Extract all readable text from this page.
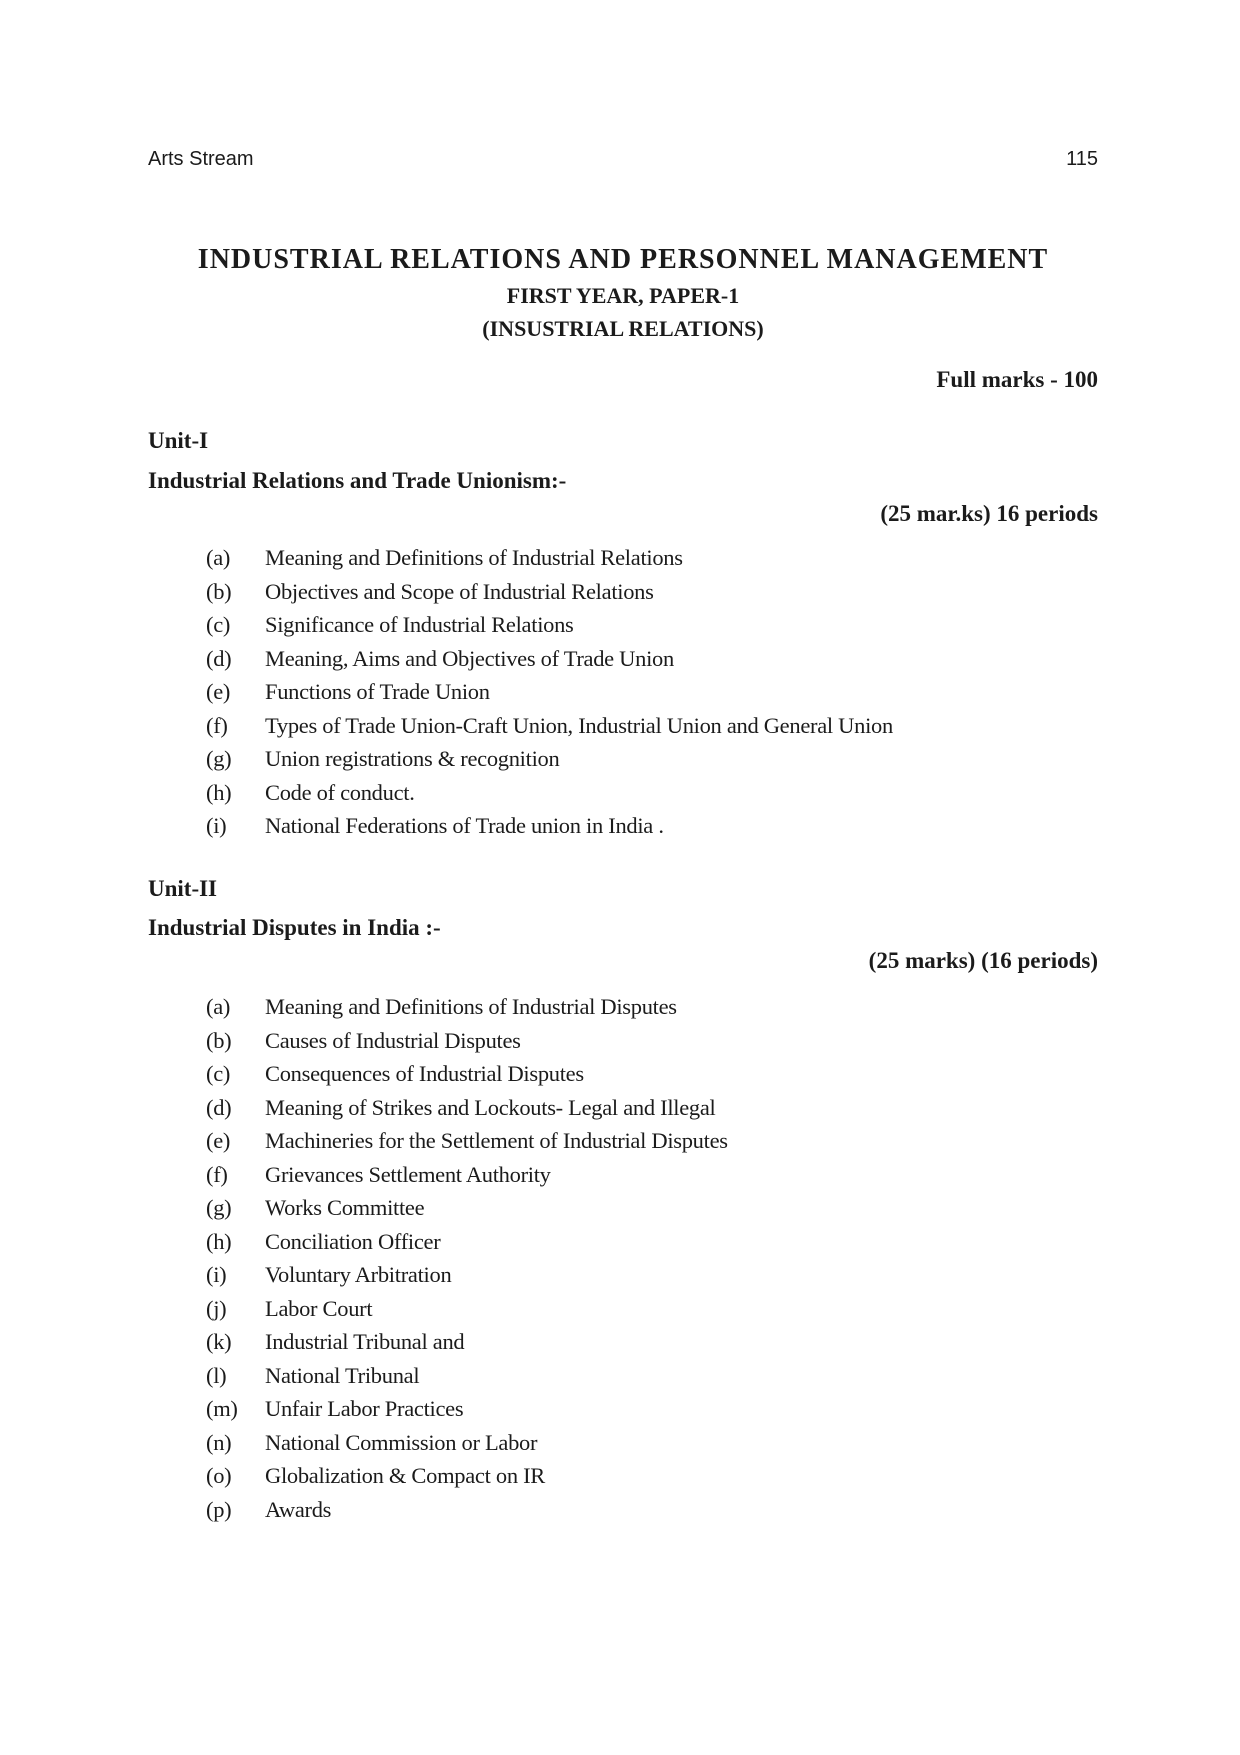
Arts Stream	115
INDUSTRIAL RELATIONS AND PERSONNEL MANAGEMENT
FIRST YEAR, PAPER-1
(INSUSTRIAL RELATIONS)
Full marks - 100
Unit-I
Industrial Relations and Trade Unionism:-
(25 mar.ks) 16 periods
(a) Meaning and Definitions of Industrial Relations
(b) Objectives and Scope of Industrial Relations
(c) Significance of Industrial Relations
(d) Meaning, Aims and Objectives of Trade Union
(e) Functions of Trade Union
(f) Types of Trade Union-Craft Union, Industrial Union and General Union
(g) Union registrations & recognition
(h) Code of conduct.
(i) National Federations of Trade union in India .
Unit-II
Industrial Disputes in India :-
(25 marks) (16 periods)
(a) Meaning and Definitions of Industrial Disputes
(b) Causes of Industrial Disputes
(c) Consequences of Industrial Disputes
(d) Meaning of Strikes and Lockouts- Legal and Illegal
(e) Machineries for the Settlement of Industrial Disputes
(f) Grievances Settlement Authority
(g) Works Committee
(h) Conciliation Officer
(i) Voluntary Arbitration
(j) Labor Court
(k) Industrial Tribunal and
(l) National Tribunal
(m) Unfair Labor Practices
(n) National Commission or Labor
(o) Globalization & Compact on IR
(p) Awards
